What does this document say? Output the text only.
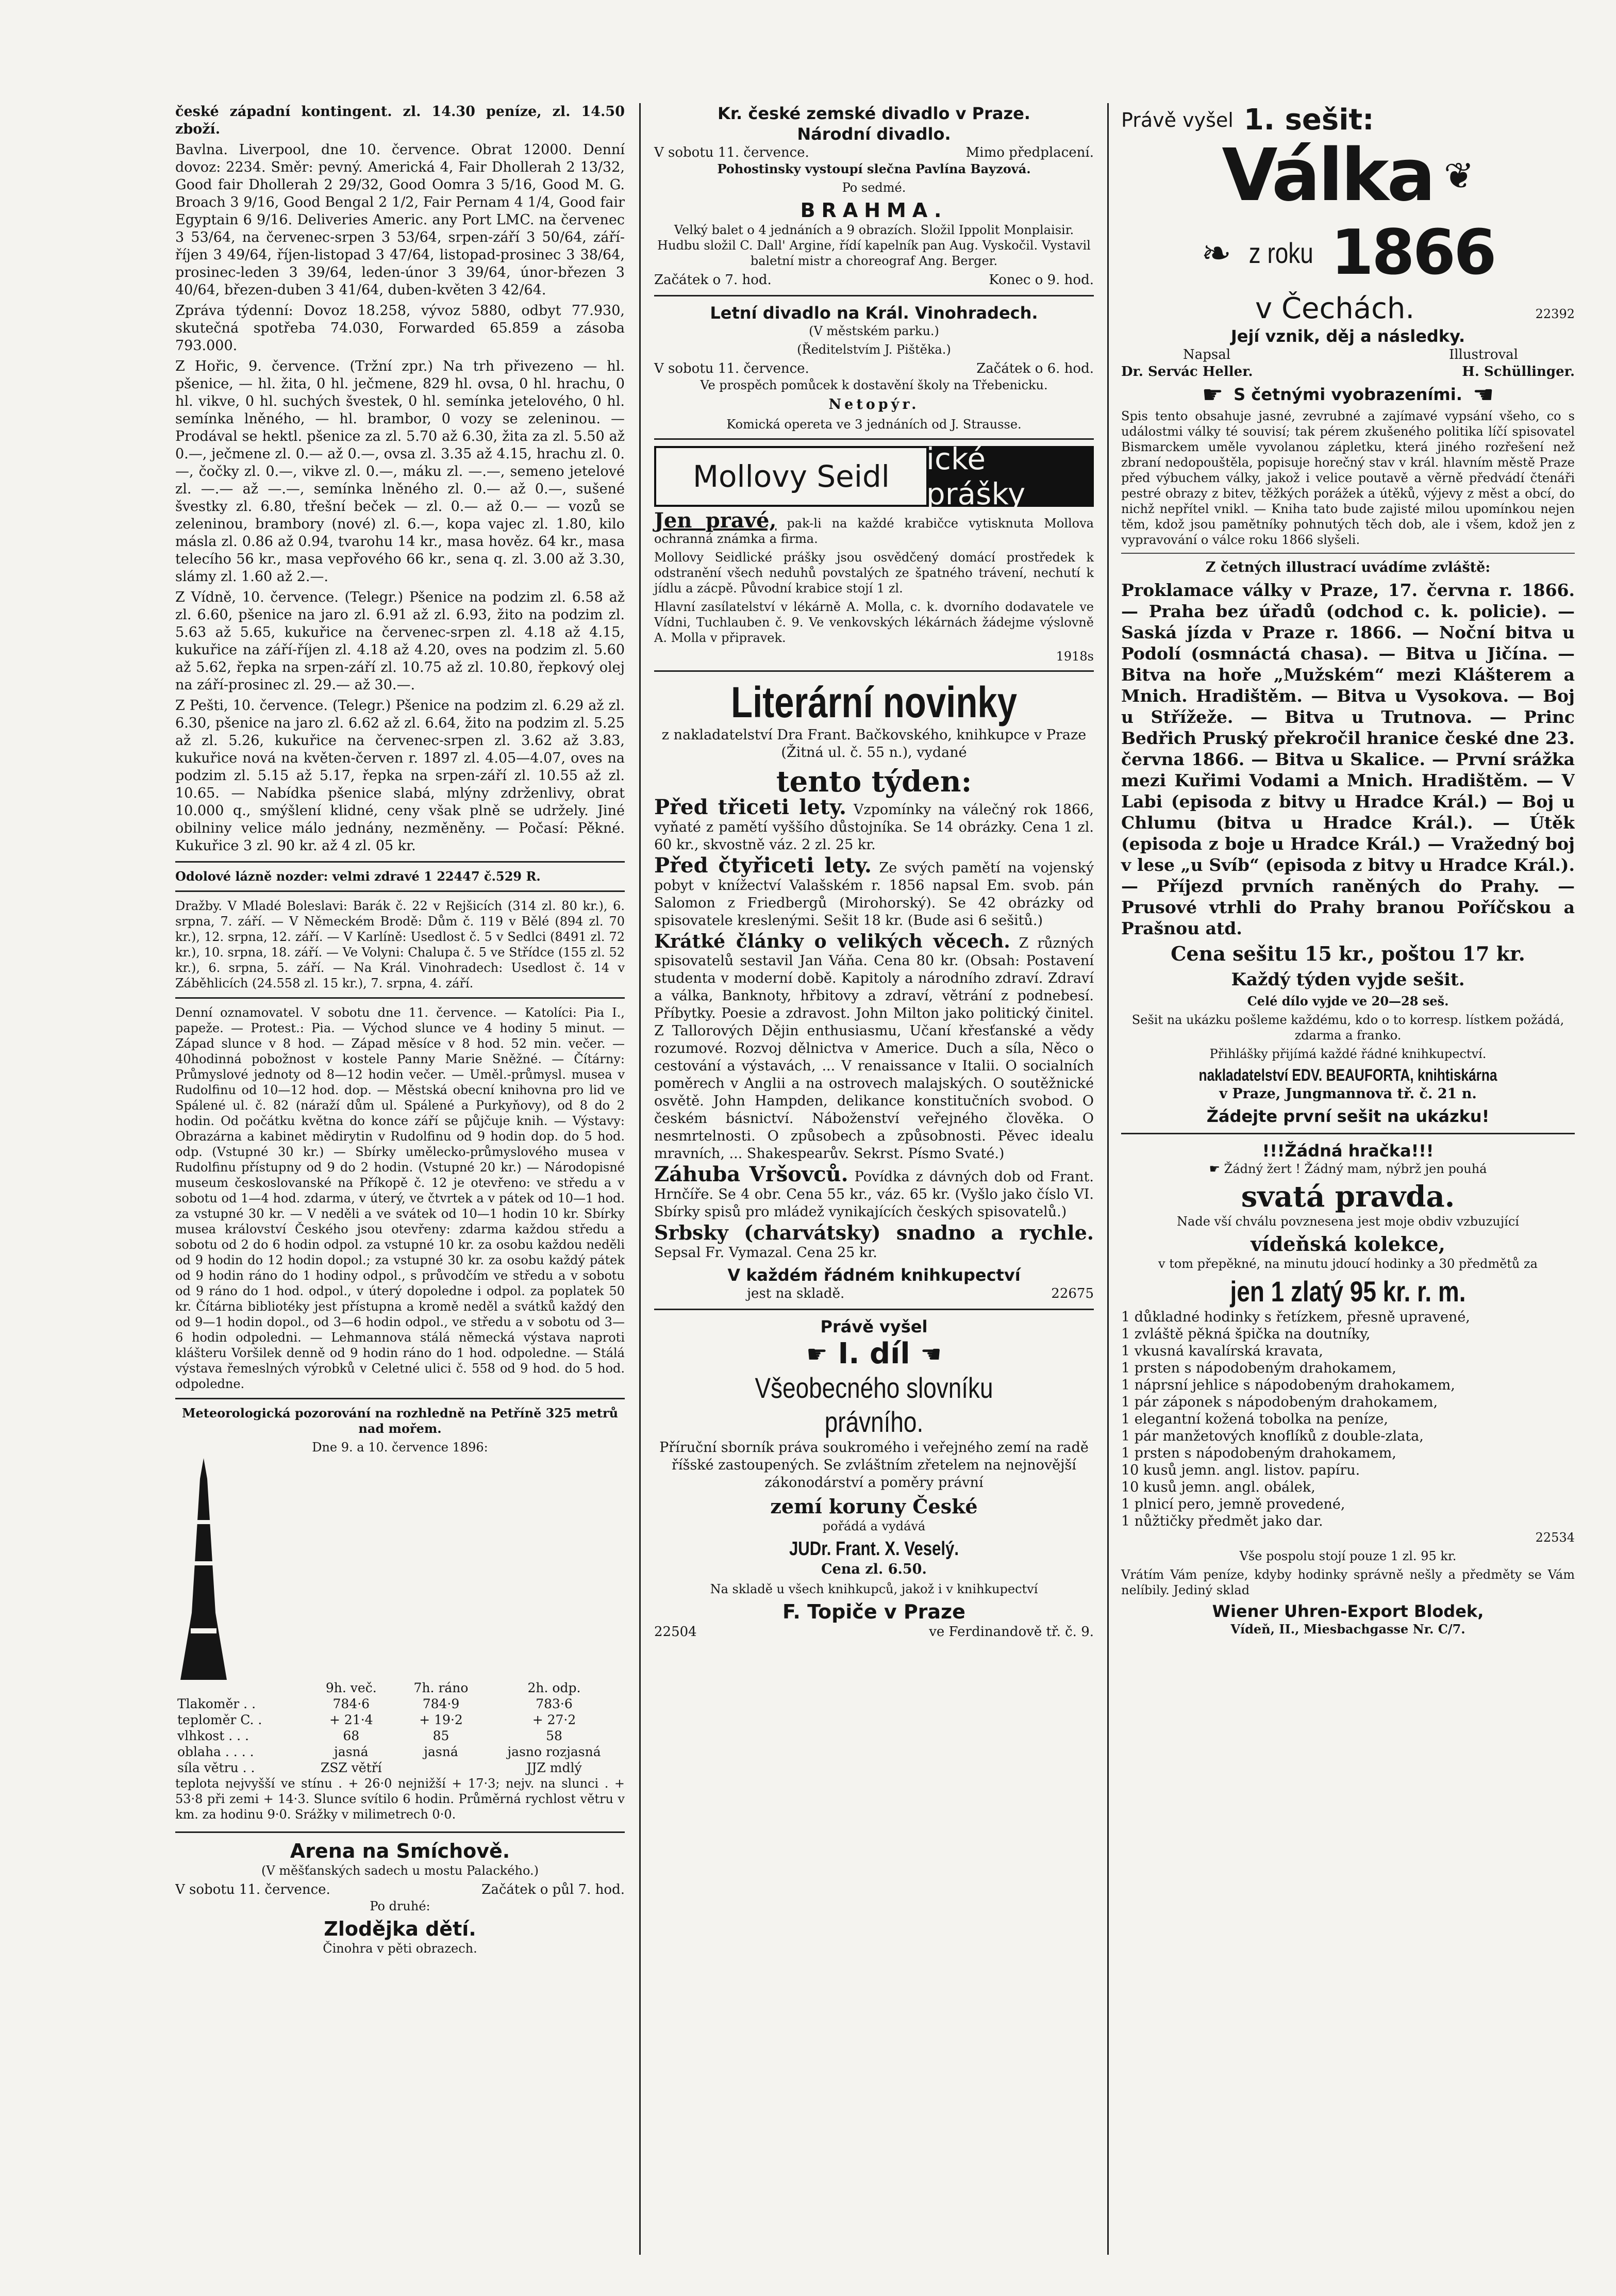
české západní kontingent. zl. 14.30 peníze, zl. 14.50 zboží.

Bavlna. Liverpool, dne 10. července. Obrat 12000. Denní dovoz: 2234. Směr: pevný. Americká 4, Fair Dhollerah 2 13/32, Good fair Dhollerah 2 29/32, Good Oomra 3 5/16, Good M. G. Broach 3 9/16, Good Bengal 2 1/2, Fair Pernam 4 1/4, Good fair Egyptain 6 9/16. Deliveries Americ. any Port LMC. na červenec 3 53/64, na červenec-srpen 3 53/64, srpen-září 3 50/64, září-říjen 3 49/64, říjen-listopad 3 47/64, listopad-prosinec 3 38/64, prosinec-leden 3 39/64, leden-únor 3 39/64, únor-březen 3 40/64, březen-duben 3 41/64, duben-květen 3 42/64.

Zpráva týdenní: Dovoz 18.258, vývoz 5880, odbyt 77.930, skutečná spotřeba 74.030, Forwarded 65.859 a zásoba 793.000.

Z Hořic, 9. července. (Tržní zpr.) Na trh přivezeno — hl. pšenice, — hl. žita, 0 hl. ječmene, 829 hl. ovsa, 0 hl. hrachu, 0 hl. vikve, 0 hl. suchých švestek, 0 hl. semínka jetelového, 0 hl. semínka lněného, — hl. brambor, 0 vozy se zeleninou. — Prodával se hektl. pšenice za zl. 5.70 až 6.30, žita za zl. 5.50 až 0.—, ječmene zl. 0.— až 0.—, ovsa zl. 3.35 až 4.15, hrachu zl. 0.—, čočky zl. 0.—, vikve zl. 0.—, máku zl. —.—, semeno jetelové zl. —.— až —.—, semínka lněného zl. 0.— až 0.—, sušené švestky zl. 6.80, třešní beček — zl. 0.— až 0.— — vozů se zeleninou, brambory (nové) zl. 6.—, kopa vajec zl. 1.80, kilo másla zl. 0.86 až 0.94, tvarohu 14 kr., masa hověz. 64 kr., masa telecího 56 kr., masa vepřového 66 kr., sena q. zl. 3.00 až 3.30, slámy zl. 1.60 až 2.—.

Z Vídně, 10. července. (Telegr.) Pšenice na podzim zl. 6.58 až zl. 6.60, pšenice na jaro zl. 6.91 až zl. 6.93, žito na podzim zl. 5.63 až 5.65, kukuřice na červenec-srpen zl. 4.18 až 4.15, kukuřice na září-říjen zl. 4.18 až 4.20, oves na podzim zl. 5.60 až 5.62, řepka na srpen-září zl. 10.75 až zl. 10.80, řepkový olej na září-prosinec zl. 29.— až 30.—.

Z Pešti, 10. července. (Telegr.) Pšenice na podzim zl. 6.29 až zl. 6.30, pšenice na jaro zl. 6.62 až zl. 6.64, žito na podzim zl. 5.25 až zl. 5.26, kukuřice na červenec-srpen zl. 3.62 až 3.83, kukuřice nová na květen-červen r. 1897 zl. 4.05—4.07, oves na podzim zl. 5.15 až 5.17, řepka na srpen-září zl. 10.55 až zl. 10.65. — Nabídka pšenice slabá, mlýny zdrženlivy, obrat 10.000 q., smýšlení klidné, ceny však plně se udržely. Jiné obilniny velice málo jednány, nezměněny. — Počasí: Pěkné. Kukuřice 3 zl. 90 kr. až 4 zl. 05 kr.

Odolové lázně nozder: velmi zdravé 1 22447 č.529 R.

Dražby. V Mladé Boleslavi: Barák č. 22 v Rejšicích (314 zl. 80 kr.), 6. srpna, 7. září. — V Německém Brodě: Dům č. 119 v Bělé (894 zl. 70 kr.), 12. srpna, 12. září. — V Karlíně: Usedlost č. 5 v Sedlci (8491 zl. 72 kr.), 10. srpna, 18. září. — Ve Volyni: Chalupa č. 5 ve Střídce (155 zl. 52 kr.), 6. srpna, 5. září. — Na Král. Vinohradech: Usedlost č. 14 v Záběhlicích (24.558 zl. 15 kr.), 7. srpna, 4. září.

Denní oznamovatel. V sobotu dne 11. července. — Katolíci: Pia I., papeže. — Protest.: Pia. — Východ slunce ve 4 hodiny 5 minut. — Západ slunce v 8 hod. — Západ měsíce v 8 hod. 52 min. večer. — 40hodinná pobožnost v kostele Panny Marie Sněžné. — Čítárny: Průmyslové jednoty od 8—12 hodin večer. — Uměl.-průmysl. musea v Rudolfinu od 10—12 hod. dop. — Městská obecní knihovna pro lid ve Spálené ul. č. 82 (náraží dům ul. Spálené a Purkyňovy), od 8 do 2 hodin. Od počátku května do konce září se půjčuje knih. — Výstavy: Obrazárna a kabinet mědirytin v Rudolfinu od 9 hodin dop. do 5 hod. odp. (Vstupné 30 kr.) — Sbírky umělecko-průmyslového musea v Rudolfinu přístupny od 9 do 2 hodin. (Vstupné 20 kr.) — Národopisné museum českoslovanské na Příkopě č. 12 je otevřeno: ve středu a v sobotu od 1—4 hod. zdarma, v úterý, ve čtvrtek a v pátek od 10—1 hod. za vstupné 30 kr. — V neděli a ve svátek od 10—1 hodin 10 kr. Sbírky musea království Českého jsou otevřeny: zdarma každou středu a sobotu od 2 do 6 hodin odpol. za vstupné 10 kr. za osobu každou neděli od 9 hodin do 12 hodin dopol.; za vstupné 30 kr. za osobu každý pátek od 9 hodin ráno do 1 hodiny odpol., s průvodčím ve středu a v sobotu od 9 ráno do 1 hod. odpol., v úterý dopoledne i odpol. za poplatek 50 kr. Čítárna bibliotéky jest přístupna a kromě neděl a svátků každý den od 9—1 hodin dopol., od 3—6 hodin odpol., ve středu a v sobotu od 3—6 hodin odpoledni. — Lehmannova stálá německá výstava naproti klášteru Voršilek denně od 9 hodin ráno do 1 hod. odpoledne. — Stálá výstava řemeslných výrobků v Celetné ulici č. 558 od 9 hod. do 5 hod. odpoledne.

Meteorologická pozorování na rozhledně na Petříně 325 metrů nad mořem.

Dne 9. a 10. července 1896:

	9h. več.	7h. ráno	2h. odp.
Tlakoměr . .	784·6	784·9	783·6
teploměr C. .	+ 21·4	+ 19·2	+ 27·2
vlhkost . . .	68	85	58
oblaha . . . .	jasná	jasná	jasno rozjasná
síla větru . .	ZSZ větří		JJZ mdlý

teplota nejvyšší ve stínu . + 26·0 nejnižší + 17·3; nejv. na slunci . + 53·8 při zemi + 14·3. Slunce svítilo 6 hodin. Průměrná rychlost větru v km. za hodinu 9·0. Srážky v milimetrech 0·0.

Arena na Smíchově.

(V měšťanských sadech u mostu Palackého.)

V sobotu 11. července.	Začátek o půl 7. hod.

Po druhé:

Zlodějka dětí.

Činohra v pěti obrazech.

Kr. české zemské divadlo v Praze.
Národní divadlo.
V sobotu 11. července.	Mimo předplacení.

Pohostinsky vystoupí slečna Pavlína Bayzová.

Po sedmé.

BRAHMA.

Velký balet o 4 jednáních a 9 obrazích. Složil Ippolit Monplaisir. Hudbu složil C. Dall' Argine, řídí kapelník pan Aug. Vyskočil. Vystavil baletní mistr a choreograf Ang. Berger.

Začátek o 7. hod.	Konec o 9. hod.
Letní divadlo na Král. Vinohradech.

(V městském parku.)

(Ředitelstvím J. Pištěka.)

V sobotu 11. července.	Začátek o 6. hod.

Ve prospěch pomůcek k dostavění školy na Třebenicku.

Netopýr.

Komická opereta ve 3 jednáních od J. Strausse.

Mollovy Seidl	ické prášky

Jen pravé, pak-li na každé krabičce vytisknuta Mollova ochranná známka a firma.

Mollovy Seidlické prášky jsou osvědčený domácí prostředek k odstranění všech neduhů povstalých ze špatného trávení, nechutí k jídlu a zácpě. Původní krabice stojí 1 zl.

Hlavní zasílatelství v lékárně A. Molla, c. k. dvorního dodavatele ve Vídni, Tuchlauben č. 9. Ve venkovských lékárnách žádejme výslovně A. Molla v připravek.

1918s

Literární novinky

z nakladatelství Dra Frant. Bačkovského, knihkupce v Praze (Žitná ul. č. 55 n.), vydané

tento týden:

Před třiceti lety. Vzpomínky na válečný rok 1866, vyňaté z pamětí vyššího důstojníka. Se 14 obrázky. Cena 1 zl. 60 kr., skvostně váz. 2 zl. 25 kr.

Před čtyřiceti lety. Ze svých pamětí na vojenský pobyt v knížectví Valašském r. 1856 napsal Em. svob. pán Salomon z Friedbergů (Mirohorský). Se 42 obrázky od spisovatele kreslenými. Sešit 18 kr. (Bude asi 6 sešitů.)

Krátké články o velikých věcech. Z různých spisovatelů sestavil Jan Váňa. Cena 80 kr. (Obsah: Postavení studenta v moderní době. Kapitoly a národního zdraví. Zdraví a válka, Banknoty, hřbitovy a zdraví, větrání z podnebesí. Příbytky. Poesie a zdravost. John Milton jako politický činitel. Z Tallorových Dějin enthusiasmu, Učaní křesťanské a vědy rozumové. Rozvoj dělnictva v Americe. Duch a síla, Něco o cestování a výstavách, ... V renaissance v Italii. O socialních poměrech v Anglii a na ostrovech malajských. O soutěžnické osvětě. John Hampden, delikance konstitučních svobod. O českém básnictví. Náboženství veřejného člověka. O nesmrtelnosti. O způsobech a způsobnosti. Pěvec idealu mravních, ... Shakespearův. Sekrst. Písmo Svaté.)

Záhuba Vršovců. Povídka z dávných dob od Frant. Hrnčíře. Se 4 obr. Cena 55 kr., váz. 65 kr. (Vyšlo jako číslo VI. Sbírky spisů pro mládež vynikajících českých spisovatelů.)

Srbsky (charvátsky) snadno a rychle. Sepsal Fr. Vymazal. Cena 25 kr.

V každém řádném knihkupectví
jest na skladě.	22675
Právě vyšel
☛ I. díl ☚
Všeobecného slovníku
právního.

Příruční sborník práva soukromého i veřejného zemí na radě říšské zastoupených. Se zvláštním zřetelem na nejnovější zákonodárství a poměry právní

zemí koruny České

pořádá a vydává

JUDr. Frant. X. Veselý.

Cena zl. 6.50.

Na skladě u všech knihkupců, jakož i v knihkupectví

F. Topiče v Praze
22504	ve Ferdinandově tř. č. 9.
Právě vyšel 1. sešit:
Válka ❦
❧ z roku 1866
v Čechách.	22392
Její vznik, děj a následky.
Napsal	Illustroval
Dr. Servác Heller.	H. Schüllinger.
☛ S četnými vyobrazeními. ☚

Spis tento obsahuje jasné, zevrubné a zajímavé vypsání všeho, co s událostmi války té souvisí; tak pérem zkušeného politika líčí spisovatel Bismarckem uměle vyvolanou zápletku, která jiného rozřešení než zbraní nedopouštěla, popisuje horečný stav v král. hlavním městě Praze před výbuchem války, jakož i velice poutavě a věrně předvádí čtenáři pestré obrazy z bitev, těžkých porážek a útěků, výjevy z měst a obcí, do nichž nepřítel vnikl. — Kniha tato bude zajisté milou upomínkou nejen těm, kdož jsou pamětníky pohnutých těch dob, ale i všem, kdož jen z vypravování o válce roku 1866 slyšeli.

Z četných illustrací uvádíme zvláště:

Proklamace války v Praze, 17. června r. 1866. — Praha bez úřadů (odchod c. k. policie). — Saská jízda v Praze r. 1866. — Noční bitva u Podolí (osmnáctá chasa). — Bitva u Jičína. — Bitva na hoře „Mužském“ mezi Klášterem a Mnich. Hradištěm. — Bitva u Vysokova. — Boj u Střížeže. — Bitva u Trutnova. — Princ Bedřich Pruský překročil hranice české dne 23. června 1866. — Bitva u Skalice. — První srážka mezi Kuřimi Vodami a Mnich. Hradištěm. — V Labi (episoda z bitvy u Hradce Král.) — Boj u Chlumu (bitva u Hradce Král.). — Útěk (episoda z boje u Hradce Král.) — Vražedný boj v lese „u Svíb“ (episoda z bitvy u Hradce Král.). — Příjezd prvních raněných do Prahy. — Prusové vtrhli do Prahy branou Poříčskou a Prašnou atd.

Cena sešitu 15 kr., poštou 17 kr.

Každý týden vyjde sešit.

Celé dílo vyjde ve 20—28 seš.

Sešit na ukázku pošleme každému, kdo o to korresp. lístkem požádá, zdarma a franko.

Přihlášky přijímá každé řádné knihkupectví.

nakladatelství EDV. BEAUFORTA, knihtiskárna

v Praze, Jungmannova tř. č. 21 n.

Žádejte první sešit na ukázku!
!!!Žádná hračka!!!

☛ Žádný žert ! Žádný mam, nýbrž jen pouhá

svatá pravda.

Nade vší chválu povznesena jest moje obdiv vzbuzující

vídeňská kolekce,

v tom přepěkné, na minutu jdoucí hodinky a 30 předmětů za

jen 1 zlatý 95 kr. r. m.
1 důkladné hodinky s řetízkem, přesně upravené,
1 zvláště pěkná špička na doutníky,
1 vkusná kavalírská kravata,
1 prsten s nápodobeným drahokamem,
1 náprsní jehlice s nápodobeným drahokamem,
1 pár záponek s nápodobeným drahokamem,
1 elegantní kožená tobolka na peníze,
1 pár manžetových knoflíků z double-zlata,
1 prsten s nápodobeným drahokamem,
10 kusů jemn. angl. listov. papíru.
10 kusů jemn. angl. obálek,
1 plnicí pero, jemně provedené,
1 nůžtičky předmět jako dar.

22534

Vše pospolu stojí pouze 1 zl. 95 kr.

Vrátím Vám peníze, kdyby hodinky správně nešly a předměty se Vám nelíbily. Jediný sklad

Wiener Uhren-Export Blodek,

Vídeň, II., Miesbachgasse Nr. C/7.
